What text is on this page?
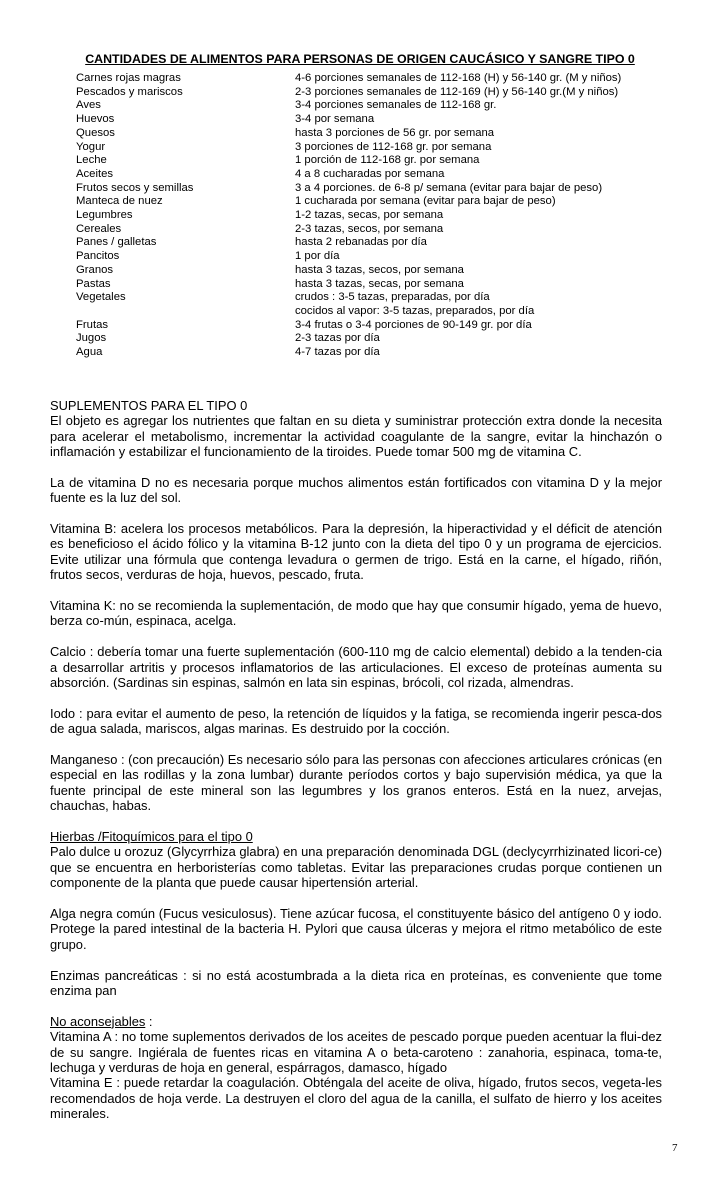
CANTIDADES DE ALIMENTOS PARA PERSONAS DE ORIGEN CAUCÁSICO Y SANGRE TIPO 0
Carnes rojas magras	4-6 porciones semanales de 112-168 (H) y 56-140 gr. (M y niños)
Pescados y mariscos	2-3 porciones semanales de 112-169 (H) y 56-140 gr.(M y niños)
Aves	3-4 porciones semanales de 112-168 gr.
Huevos	3-4 por semana
Quesos	hasta 3 porciones de 56 gr. por semana
Yogur	3 porciones de 112-168 gr. por semana
Leche	1 porción de 112-168 gr. por semana
Aceites	4 a 8 cucharadas por semana
Frutos secos y semillas	3 a 4 porciones. de 6-8 p/ semana (evitar para bajar de peso)
Manteca de nuez	1 cucharada por semana (evitar para bajar de peso)
Legumbres	1-2 tazas, secas, por semana
Cereales	2-3 tazas, secos, por semana
Panes / galletas	hasta 2 rebanadas por día
Pancitos	1 por día
Granos	hasta 3 tazas, secos, por semana
Pastas	hasta 3 tazas, secas, por semana
Vegetales	crudos : 3-5 tazas, preparadas, por día
cocidos al vapor: 3-5 tazas, preparados, por día
Frutas	3-4 frutas o 3-4 porciones de 90-149 gr. por día
Jugos	2-3 tazas por día
Agua	4-7 tazas por día
SUPLEMENTOS PARA EL TIPO 0

El objeto es agregar los nutrientes que faltan en su dieta y suministrar protección extra donde la necesita para acelerar el metabolismo, incrementar la actividad coagulante de la sangre, evitar la hinchazón o inflamación y estabilizar el funcionamiento de la tiroides. Puede tomar 500 mg de vitamina C.

La de vitamina D no es necesaria porque muchos alimentos están fortificados con vitamina D y la mejor fuente es la luz del sol.

Vitamina B: acelera los procesos metabólicos. Para la depresión, la hiperactividad y el déficit de atención es beneficioso el ácido fólico y la vitamina B-12 junto con la dieta del tipo 0 y un programa de ejercicios. Evite utilizar una fórmula que contenga levadura o germen de trigo. Está en la carne, el hígado, riñón, frutos secos, verduras de hoja, huevos, pescado, fruta.

Vitamina K: no se recomienda la suplementación, de modo que hay que consumir hígado, yema de huevo, berza co-mún, espinaca, acelga.

Calcio : debería tomar una fuerte suplementación (600-110 mg de calcio elemental) debido a la tenden-cia a desarrollar artritis y procesos inflamatorios de las articulaciones. El exceso de proteínas aumenta su absorción. (Sardinas sin espinas, salmón en lata sin espinas, brócoli, col rizada, almendras.

Iodo : para evitar el aumento de peso, la retención de líquidos y la fatiga, se recomienda ingerir pesca-dos de agua salada, mariscos, algas marinas. Es destruido por la cocción.

Manganeso : (con precaución) Es necesario sólo para las personas con afecciones articulares crónicas (en especial en las rodillas y la zona lumbar) durante períodos cortos y bajo supervisión médica, ya que la fuente principal de este mineral son las legumbres y los granos enteros. Está en la nuez, arvejas, chauchas, habas.

Hierbas /Fitoquímicos para el tipo 0

Palo dulce u orozuz (Glycyrrhiza glabra) en una preparación denominada DGL (declycyrrhizinated licori-ce) que se encuentra en herboristerías como tabletas. Evitar las preparaciones crudas porque contienen un componente de la planta que puede causar hipertensión arterial.

Alga negra común (Fucus vesiculosus). Tiene azúcar fucosa, el constituyente básico del antígeno 0 y iodo. Protege la pared intestinal de la bacteria H. Pylori que causa úlceras y mejora el ritmo metabólico de este grupo.

Enzimas pancreáticas : si no está acostumbrada a la dieta rica en proteínas, es conveniente que tome enzima pan

No aconsejables :

Vitamina A : no tome suplementos derivados de los aceites de pescado porque pueden acentuar la flui-dez de su sangre. Ingiérala de fuentes ricas en vitamina A o beta-caroteno : zanahoria, espinaca, toma-te, lechuga y verduras de hoja en general, espárragos, damasco, hígado

Vitamina E : puede retardar la coagulación. Obténgala del aceite de oliva, hígado, frutos secos, vegeta-les recomendados de hoja verde. La destruyen el cloro del agua de la canilla, el sulfato de hierro y los aceites minerales.

7
